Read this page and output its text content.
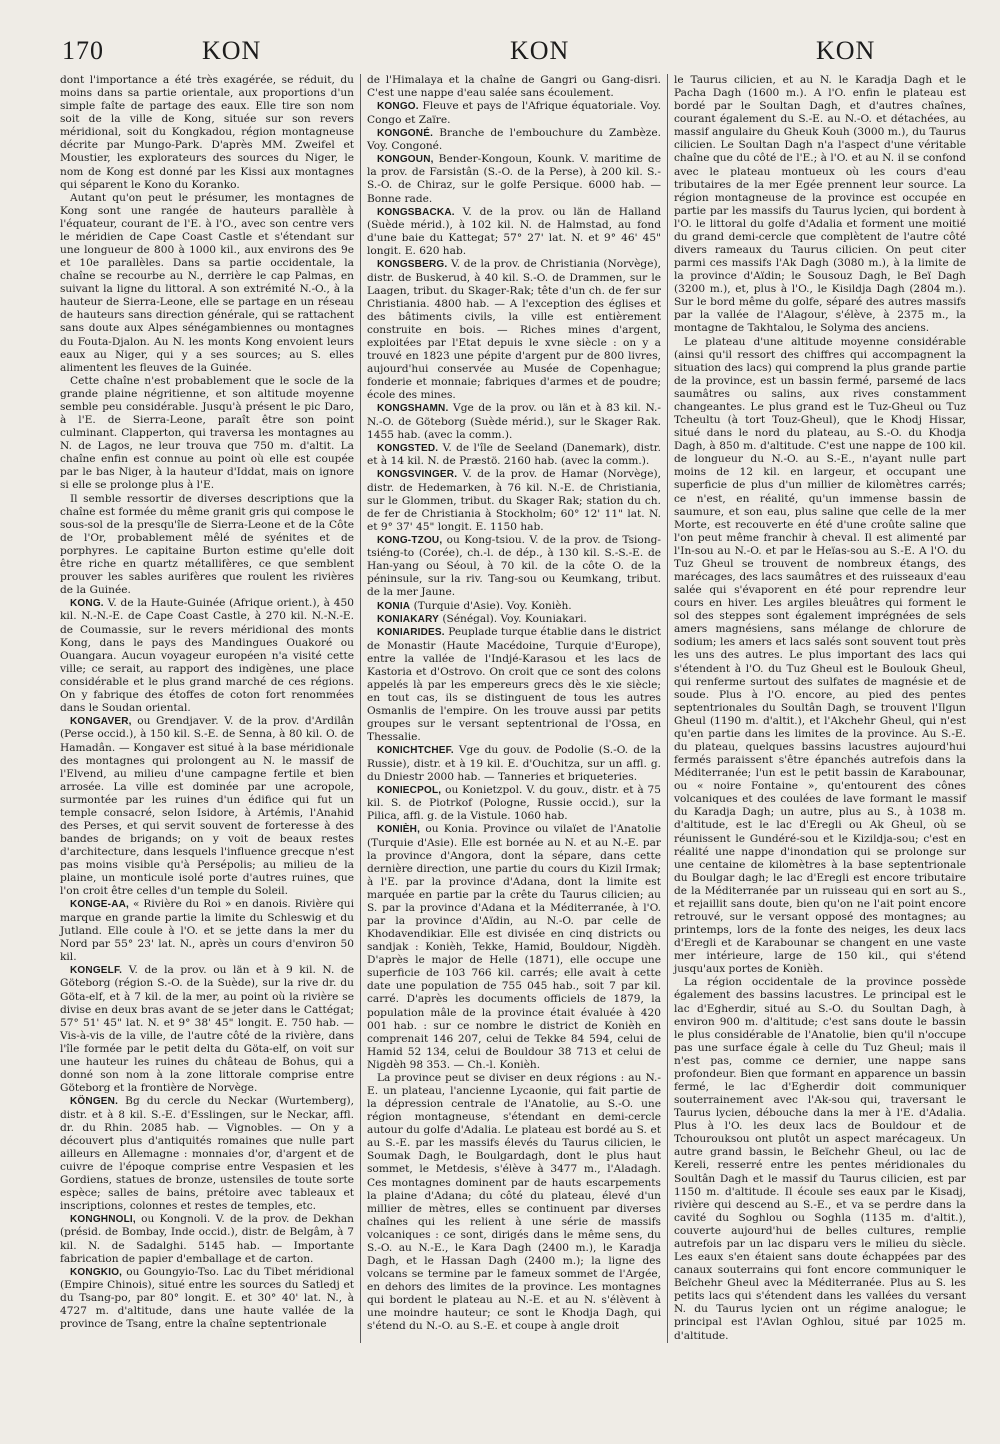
170	KON	KON	KON

dont l'importance a été très exagérée, se réduit, du moins dans sa partie orientale, aux proportions d'un simple faîte de partage des eaux. Elle tire son nom soit de la ville de Kong, située sur son revers méridional, soit du Kongkadou, région montagneuse décrite par Mungo-Park. D'après MM. Zweifel et Moustier, les explorateurs des sources du Niger, le nom de Kong est donné par les Kissi aux montagnes qui séparent le Kono du Koranko.

Autant qu'on peut le présumer, les montagnes de Kong sont une rangée de hauteurs parallèle à l'équateur, courant de l'E. à l'O., avec son centre vers le méridien de Cape Coast Castle et s'étendant sur une longueur de 800 à 1000 kil., aux environs des 9e et 10e parallèles. Dans sa partie occidentale, la chaîne se recourbe au N., derrière le cap Palmas, en suivant la ligne du littoral. A son extrémité N.-O., à la hauteur de Sierra-Leone, elle se partage en un réseau de hauteurs sans direction générale, qui se rattachent sans doute aux Alpes sénégambiennes ou montagnes du Fouta-Djalon. Au N. les monts Kong envoient leurs eaux au Niger, qui y a ses sources; au S. elles alimentent les fleuves de la Guinée.

Cette chaîne n'est probablement que le socle de la grande plaine négritienne, et son altitude moyenne semble peu considérable. Jusqu'à présent le pic Daro, à l'E. de Sierra-Leone, paraît être son point culminant. Clapperton, qui traversa les montagnes au N. de Lagos, ne leur trouva que 750 m. d'altit. La chaîne enfin est connue au point où elle est coupée par le bas Niger, à la hauteur d'Iddat, mais on ignore si elle se prolonge plus à l'E.

Il semble ressortir de diverses descriptions que la chaîne est formée du même granit gris qui compose le sous-sol de la presqu'île de Sierra-Leone et de la Côte de l'Or, probablement mêlé de syénites et de porphyres. Le capitaine Burton estime qu'elle doit être riche en quartz métallifères, ce que semblent prouver les sables aurifères que roulent les rivières de la Guinée.

KONG. V. de la Haute-Guinée (Afrique orient.), à 450 kil. N.-N.-E. de Cape Coast Castle, à 270 kil. N.-N.-E. de Coumassie, sur le revers méridional des monts Kong, dans le pays des Mandingues Ouakoré ou Ouangara. Aucun voyageur européen n'a visité cette ville; ce serait, au rapport des indigènes, une place considérable et le plus grand marché de ces régions. On y fabrique des étoffes de coton fort renommées dans le Soudan oriental.

KONGAVER, ou Grendjaver. V. de la prov. d'Ardilân (Perse occid.), à 150 kil. S.-E. de Senna, à 80 kil. O. de Hamadân. — Kongaver est situé à la base méridionale des montagnes qui prolongent au N. le massif de l'Elvend, au milieu d'une campagne fertile et bien arrosée. La ville est dominée par une acropole, surmontée par les ruines d'un édifice qui fut un temple consacré, selon Isidore, à Artémis, l'Anahid des Perses, et qui servit souvent de forteresse à des bandes de brigands; on y voit de beaux restes d'architecture, dans lesquels l'influence grecque n'est pas moins visible qu'à Persépolis; au milieu de la plaine, un monticule isolé porte d'autres ruines, que l'on croit être celles d'un temple du Soleil.

KONGE-AA, « Rivière du Roi » en danois. Rivière qui marque en grande partie la limite du Schleswig et du Jutland. Elle coule à l'O. et se jette dans la mer du Nord par 55° 23' lat. N., après un cours d'environ 50 kil.

KONGELF. V. de la prov. ou län et à 9 kil. N. de Göteborg (région S.-O. de la Suède), sur la rive dr. du Göta-elf, et à 7 kil. de la mer, au point où la rivière se divise en deux bras avant de se jeter dans le Cattégat; 57° 51' 45" lat. N. et 9° 38' 45" longit. E. 750 hab. — Vis-à-vis de la ville, de l'autre côté de la rivière, dans l'île formée par le petit delta du Göta-elf, on voit sur une hauteur les ruines du château de Bohus, qui a donné son nom à la zone littorale comprise entre Göteborg et la frontière de Norvège.

KÖNGEN. Bg du cercle du Neckar (Wurtemberg), distr. et à 8 kil. S.-E. d'Esslingen, sur le Neckar, affl. dr. du Rhin. 2085 hab. — Vignobles. — On y a découvert plus d'antiquités romaines que nulle part ailleurs en Allemagne : monnaies d'or, d'argent et de cuivre de l'époque comprise entre Vespasien et les Gordiens, statues de bronze, ustensiles de toute sorte espèce; salles de bains, prétoire avec tableaux et inscriptions, colonnes et restes de temples, etc.

KONGHNOLI, ou Kongnoli. V. de la prov. de Dekhan (présid. de Bombay, Inde occid.), distr. de Belgâm, à 7 kil. N. de Sadalghi. 5145 hab. — Importante fabrication de papier d'emballage et de carton.

KONGKIO, ou Goungyio-Tso. Lac du Tibet méridional (Empire Chinois), situé entre les sources du Satledj et du Tsang-po, par 80° longit. E. et 30° 40' lat. N., à 4727 m. d'altitude, dans une haute vallée de la province de Tsang, entre la chaîne septentrionale

de l'Himalaya et la chaîne de Gangri ou Gang-disri. C'est une nappe d'eau salée sans écoulement.

KONGO. Fleuve et pays de l'Afrique équatoriale. Voy. Congo et Zaïre.

KONGONÉ. Branche de l'embouchure du Zambèze. Voy. Congoné.

KONGOUN, Bender-Kongoun, Kounk. V. maritime de la prov. de Farsistân (S.-O. de la Perse), à 200 kil. S.-S.-O. de Chiraz, sur le golfe Persique. 6000 hab. — Bonne rade.

KONGSBACKA. V. de la prov. ou län de Halland (Suède mérid.), à 102 kil. N. de Halmstad, au fond d'une baie du Kattegat; 57° 27' lat. N. et 9° 46' 45" longit. E. 620 hab.

KONGSBERG. V. de la prov. de Christiania (Norvège), distr. de Buskerud, à 40 kil. S.-O. de Drammen, sur le Laagen, tribut. du Skager-Rak; tête d'un ch. de fer sur Christiania. 4800 hab. — A l'exception des églises et des bâtiments civils, la ville est entièrement construite en bois. — Riches mines d'argent, exploitées par l'Etat depuis le xvne siècle : on y a trouvé en 1823 une pépite d'argent pur de 800 livres, aujourd'hui conservée au Musée de Copenhague; fonderie et monnaie; fabriques d'armes et de poudre; école des mines.

KONGSHAMN. Vge de la prov. ou län et à 83 kil. N.-N.-O. de Göteborg (Suède mérid.), sur le Skager Rak. 1455 hab. (avec la comm.).

KONGSTED. V. de l'île de Seeland (Danemark), distr. et à 14 kil. N. de Præstö. 2160 hab. (avec la comm.).

KONGSVINGER. V. de la prov. de Hamar (Norvège), distr. de Hedemarken, à 76 kil. N.-E. de Christiania, sur le Glommen, tribut. du Skager Rak; station du ch. de fer de Christiania à Stockholm; 60° 12' 11" lat. N. et 9° 37' 45" longit. E. 1150 hab.

KONG-TZOU, ou Kong-tsiou. V. de la prov. de Tsiong-tsiéng-to (Corée), ch.-l. de dép., à 130 kil. S.-S.-E. de Han-yang ou Séoul, à 70 kil. de la côte O. de la péninsule, sur la riv. Tang-sou ou Keumkang, tribut. de la mer Jaune.

KONIA (Turquie d'Asie). Voy. Konièh.

KONIAKARY (Sénégal). Voy. Kouniakari.

KONIARIDES. Peuplade turque établie dans le district de Monastir (Haute Macédoine, Turquie d'Europe), entre la vallée de l'Indjé-Karasou et les lacs de Kastoria et d'Ostrovo. On croit que ce sont des colons appelés là par les empereurs grecs dès le xie siècle; en tout cas, ils se distinguent de tous les autres Osmanlis de l'empire. On les trouve aussi par petits groupes sur le versant septentrional de l'Ossa, en Thessalie.

KONICHTCHEF. Vge du gouv. de Podolie (S.-O. de la Russie), distr. et à 19 kil. E. d'Ouchitza, sur un affl. g. du Dniestr 2000 hab. — Tanneries et briqueteries.

KONIECPOL, ou Konietzpol. V. du gouv., distr. et à 75 kil. S. de Piotrkof (Pologne, Russie occid.), sur la Pilica, affl. g. de la Vistule. 1060 hab.

KONIÈH, ou Konia. Province ou vilaïet de l'Anatolie (Turquie d'Asie). Elle est bornée au N. et au N.-E. par la province d'Angora, dont la sépare, dans cette dernière direction, une partie du cours du Kizil Irmak; à l'E. par la province d'Adana, dont la limite est marquée en partie par la crête du Taurus cilicien; au S. par la province d'Adana et la Méditerranée, à l'O. par la province d'Aïdin, au N.-O. par celle de Khodavendikiar. Elle est divisée en cinq districts ou sandjak : Konièh, Tekke, Hamid, Bouldour, Nigdèh. D'après le major de Helle (1871), elle occupe une superficie de 103 766 kil. carrés; elle avait à cette date une population de 755 045 hab., soit 7 par kil. carré. D'après les documents officiels de 1879, la population mâle de la province était évaluée à 420 001 hab. : sur ce nombre le district de Konièh en comprenait 146 207, celui de Tekke 84 594, celui de Hamid 52 134, celui de Bouldour 38 713 et celui de Nigdèh 98 353. — Ch.-l. Konièh.

La province peut se diviser en deux régions : au N.-E. un plateau, l'ancienne Lycaonie, qui fait partie de la dépression centrale de l'Anatolie, au S.-O. une région montagneuse, s'étendant en demi-cercle autour du golfe d'Adalia. Le plateau est bordé au S. et au S.-E. par les massifs élevés du Taurus cilicien, le Soumak Dagh, le Boulgardagh, dont le plus haut sommet, le Metdesis, s'élève à 3477 m., l'Aladagh. Ces montagnes dominent par de hauts escarpements la plaine d'Adana; du côté du plateau, élevé d'un millier de mètres, elles se continuent par diverses chaînes qui les relient à une série de massifs volcaniques : ce sont, dirigés dans le même sens, du S.-O. au N.-E., le Kara Dagh (2400 m.), le Karadja Dagh, et le Hassan Dagh (2400 m.); la ligne des volcans se termine par le fameux sommet de l'Argée, en dehors des limites de la province. Les montagnes qui bordent le plateau au N.-E. et au N. s'élèvent à une moindre hauteur; ce sont le Khodja Dagh, qui s'étend du N.-O. au S.-E. et coupe à angle droit

le Taurus cilicien, et au N. le Karadja Dagh et le Pacha Dagh (1600 m.). A l'O. enfin le plateau est bordé par le Soultan Dagh, et d'autres chaînes, courant également du S.-E. au N.-O. et détachées, au massif angulaire du Gheuk Kouh (3000 m.), du Taurus cilicien. Le Soultan Dagh n'a l'aspect d'une véritable chaîne que du côté de l'E.; à l'O. et au N. il se confond avec le plateau montueux où les cours d'eau tributaires de la mer Egée prennent leur source. La région montagneuse de la province est occupée en partie par les massifs du Taurus lycien, qui bordent à l'O. le littoral du golfe d'Adalia et forment une moitié du grand demi-cercle que complètent de l'autre côté divers rameaux du Taurus cilicien. On peut citer parmi ces massifs l'Ak Dagh (3080 m.), à la limite de la province d'Aïdin; le Sousouz Dagh, le Beï Dagh (3200 m.), et, plus à l'O., le Kisildja Dagh (2804 m.). Sur le bord même du golfe, séparé des autres massifs par la vallée de l'Alagour, s'élève, à 2375 m., la montagne de Takhtalou, le Solyma des anciens.

Le plateau d'une altitude moyenne considérable (ainsi qu'il ressort des chiffres qui accompagnent la situation des lacs) qui comprend la plus grande partie de la province, est un bassin fermé, parsemé de lacs saumâtres ou salins, aux rives constamment changeantes. Le plus grand est le Tuz-Gheul ou Tuz Tcheultu (à tort Touz-Gheul), que le Khodj Hissar, situé dans le nord du plateau, au S.-O. du Khodja Dagh, à 850 m. d'altitude. C'est une nappe de 100 kil. de longueur du N.-O. au S.-E., n'ayant nulle part moins de 12 kil. en largeur, et occupant une superficie de plus d'un millier de kilomètres carrés; ce n'est, en réalité, qu'un immense bassin de saumure, et son eau, plus saline que celle de la mer Morte, est recouverte en été d'une croûte saline que l'on peut même franchir à cheval. Il est alimenté par l'In-sou au N.-O. et par le Heïas-sou au S.-E. A l'O. du Tuz Gheul se trouvent de nombreux étangs, des marécages, des lacs saumâtres et des ruisseaux d'eau salée qui s'évaporent en été pour reprendre leur cours en hiver. Les argiles bleuâtres qui forment le sol des steppes sont également imprégnées de sels amers magnésiens, sans mélange de chlorure de sodium; les amers et lacs salés sont souvent tout près les uns des autres. Le plus important des lacs qui s'étendent à l'O. du Tuz Gheul est le Boulouk Gheul, qui renferme surtout des sulfates de magnésie et de soude. Plus à l'O. encore, au pied des pentes septentrionales du Soultân Dagh, se trouvent l'Ilgun Gheul (1190 m. d'altit.), et l'Akchehr Gheul, qui n'est qu'en partie dans les limites de la province. Au S.-E. du plateau, quelques bassins lacustres aujourd'hui fermés paraissent s'être épanchés autrefois dans la Méditerranée; l'un est le petit bassin de Karabounar, ou « noire Fontaine », qu'entourent des cônes volcaniques et des coulées de lave formant le massif du Karadja Dagh; un autre, plus au S., à 1038 m. d'altitude, est le lac d'Eregli ou Ak Gheul, où se réunissent le Gundéré-sou et le Kizildja-sou; c'est en réalité une nappe d'inondation qui se prolonge sur une centaine de kilomètres à la base septentrionale du Boulgar dagh; le lac d'Eregli est encore tributaire de la Méditerranée par un ruisseau qui en sort au S., et rejaillit sans doute, bien qu'on ne l'ait point encore retrouvé, sur le versant opposé des montagnes; au printemps, lors de la fonte des neiges, les deux lacs d'Eregli et de Karabounar se changent en une vaste mer intérieure, large de 150 kil., qui s'étend jusqu'aux portes de Konièh.

La région occidentale de la province possède également des bassins lacustres. Le principal est le lac d'Egherdir, situé au S.-O. du Soultan Dagh, à environ 900 m. d'altitude; c'est sans doute le bassin le plus considérable de l'Anatolie, bien qu'il n'occupe pas une surface égale à celle du Tuz Gheul; mais il n'est pas, comme ce dernier, une nappe sans profondeur. Bien que formant en apparence un bassin fermé, le lac d'Egherdir doit communiquer souterrainement avec l'Ak-sou qui, traversant le Taurus lycien, débouche dans la mer à l'E. d'Adalia. Plus à l'O. les deux lacs de Bouldour et de Tchourouksou ont plutôt un aspect marécageux. Un autre grand bassin, le Beïchehr Gheul, ou lac de Kereli, resserré entre les pentes méridionales du Soultân Dagh et le massif du Taurus cilicien, est par 1150 m. d'altitude. Il écoule ses eaux par le Kisadj, rivière qui descend au S.-E., et va se perdre dans la cavité du Soghlou ou Soghla (1135 m. d'altit.), couverte aujourd'hui de belles cultures, remplie autrefois par un lac disparu vers le milieu du siècle. Les eaux s'en étaient sans doute échappées par des canaux souterrains qui font encore communiquer le Beïchehr Gheul avec la Méditerranée. Plus au S. les petits lacs qui s'étendent dans les vallées du versant N. du Taurus lycien ont un régime analogue; le principal est l'Avlan Oghlou, situé par 1025 m. d'altitude.
